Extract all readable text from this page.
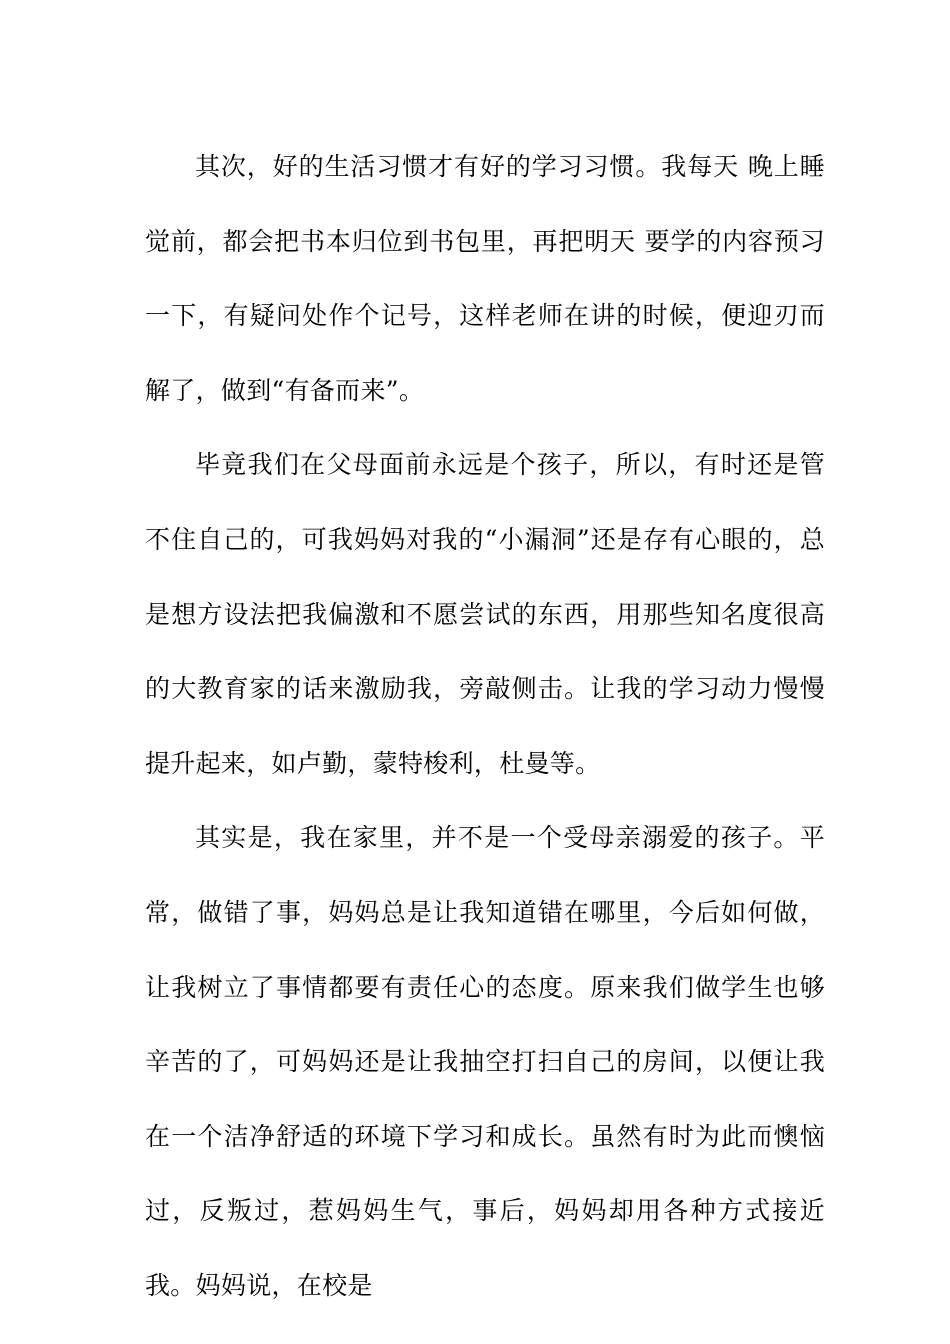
其次，好的生活习惯才有好的学习习惯。我每天 晚上睡觉前，都会把书本归位到书包里，再把明天 要学的内容预习一下，有疑问处作个记号，这样老师在讲的时候，便迎刃而解了，做到“有备而来”。

毕竟我们在父母面前永远是个孩子，所以，有时还是管不住自己的，可我妈妈对我的“小漏洞”还是存有心眼的，总是想方设法把我偏激和不愿尝试的东西，用那些知名度很高的大教育家的话来激励我，旁敲侧击。让我的学习动力慢慢提升起来，如卢勤，蒙特梭利，杜曼等。

其实是，我在家里，并不是一个受母亲溺爱的孩子。平常，做错了事，妈妈总是让我知道错在哪里，今后如何做，让我树立了事情都要有责任心的态度。原来我们做学生也够辛苦的了，可妈妈还是让我抽空打扫自己的房间，以便让我在一个洁净舒适的环境下学习和成长。虽然有时为此而懊恼过，反叛过，惹妈妈生气，事后，妈妈却用各种方式接近我。妈妈说，在校是
